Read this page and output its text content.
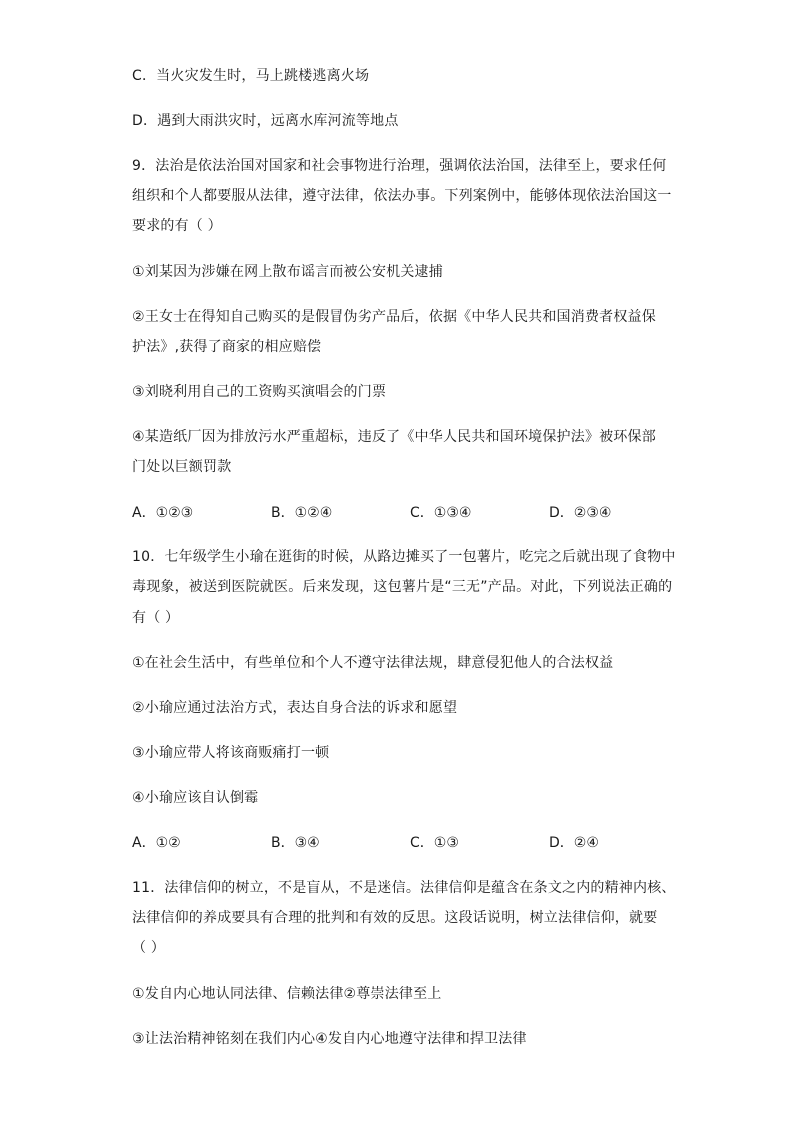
C．当火灾发生时，马上跳楼逃离火场
D．遇到大雨洪灾时，远离水库河流等地点
9．法治是依法治国对国家和社会事物进行治理，强调依法治国，法律至上，要求任何
组织和个人都要服从法律，遵守法律，依法办事。下列案例中，能够体现依法治国这一
要求的有（ ）
①刘某因为涉嫌在网上散布谣言而被公安机关逮捕
②王女士在得知自己购买的是假冒伪劣产品后，依据《中华人民共和国消费者权益保
护法》,获得了商家的相应赔偿
③刘晓利用自己的工资购买演唱会的门票
④某造纸厂因为排放污水严重超标，违反了《中华人民共和国环境保护法》被环保部
门处以巨额罚款
A．①②③	B．①②④	C．①③④	D．②③④
10．七年级学生小瑜在逛街的时候，从路边摊买了一包薯片，吃完之后就出现了食物中
毒现象，被送到医院就医。后来发现，这包薯片是“三无”产品。对此，下列说法正确的
有（ ）
①在社会生活中，有些单位和个人不遵守法律法规，肆意侵犯他人的合法权益
②小瑜应通过法治方式，表达自身合法的诉求和愿望
③小瑜应带人将该商贩痛打一顿
④小瑜应该自认倒霉
A．①②	B．③④	C．①③	D．②④
11．法律信仰的树立，不是盲从，不是迷信。法律信仰是蕴含在条文之内的精神内核、
法律信仰的养成要具有合理的批判和有效的反思。这段话说明，树立法律信仰，就要
（ ）
①发自内心地认同法律、信赖法律②尊崇法律至上
③让法治精神铭刻在我们内心④发自内心地遵守法律和捍卫法律
